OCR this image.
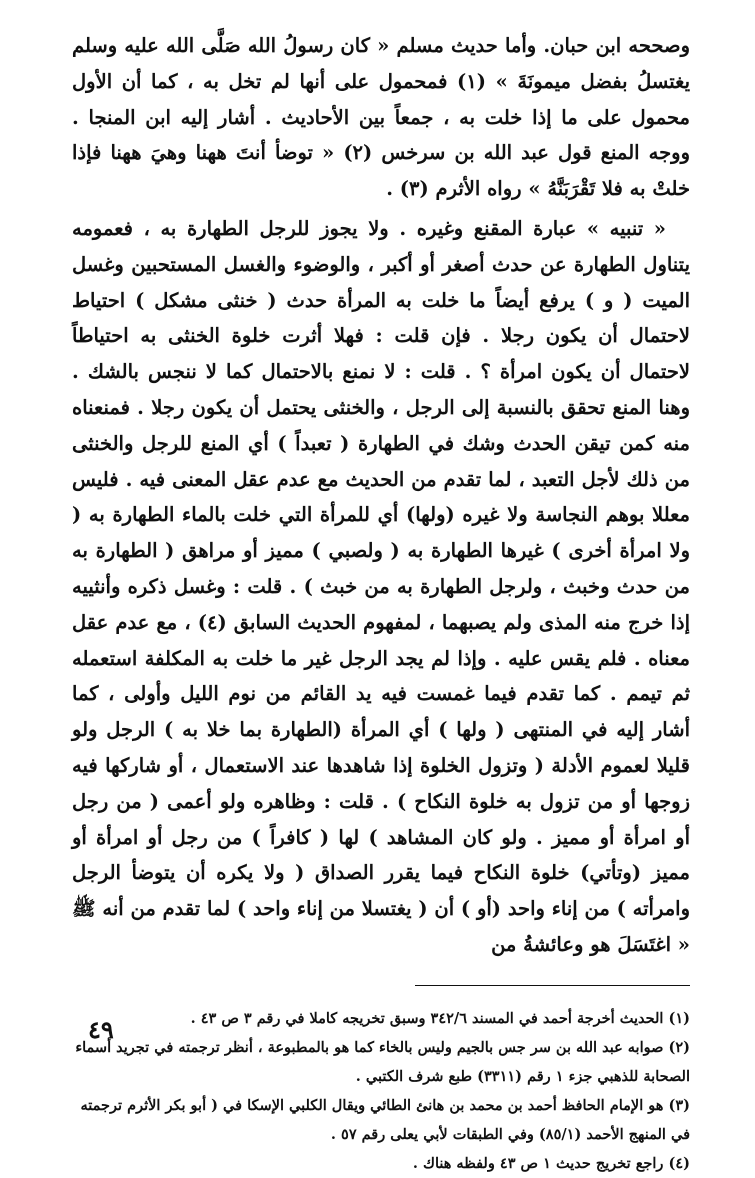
وصححه ابن حبان. وأما حديث مسلم « كان رسولُ الله صَلَّى الله عليه وسلم يغتسلُ بفضل ميمونَةَ » (١) فمحمول على أنها لم تخل به ، كما أن الأول محمول على ما إذا خلت به ، جمعاً بين الأحاديث . أشار إليه ابن المنجا . ووجه المنع قول عبد الله بن سرخس (٢) « توضأ أنتَ ههنا وهيَ ههنا فإذا خلتْ به فلا تَقْرَبَنَّهُ » رواه الأثرم (٣) .

« تنبيه » عبارة المقنع وغيره . ولا يجوز للرجل الطهارة به ، فعمومه يتناول الطهارة عن حدث أصغر أو أكبر ، والوضوء والغسل المستحبين وغسل الميت ( و ) يرفع أيضاً ما خلت به المرأة حدث ( خنثى مشكل ) احتياط لاحتمال أن يكون رجلا . فإن قلت : فهلا أثرت خلوة الخنثى به احتياطاً لاحتمال أن يكون امرأة ؟ . قلت : لا نمنع بالاحتمال كما لا ننجس بالشك . وهنا المنع تحقق بالنسبة إلى الرجل ، والخنثى يحتمل أن يكون رجلا . فمنعناه منه كمن تيقن الحدث وشك في الطهارة ( تعبداً ) أي المنع للرجل والخنثى من ذلك لأجل التعبد ، لما تقدم من الحديث مع عدم عقل المعنى فيه . فليس معللا بوهم النجاسة ولا غيره (ولها) أي للمرأة التي خلت بالماء الطهارة به ( ولا امرأة أخرى ) غيرها الطهارة به ( ولصبي ) مميز أو مراهق ( الطهارة به من حدث وخبث ، ولرجل الطهارة به من خبث ) . قلت : وغسل ذكره وأنثييه إذا خرج منه المذى ولم يصبهما ، لمفهوم الحديث السابق (٤) ، مع عدم عقل معناه . فلم يقس عليه . وإذا لم يجد الرجل غير ما خلت به المكلفة استعمله ثم تيمم . كما تقدم فيما غمست فيه يد القائم من نوم الليل وأولى ، كما أشار إليه في المنتهى ( ولها ) أي المرأة (الطهارة بما خلا به ) الرجل ولو قليلا لعموم الأدلة ( وتزول الخلوة إذا شاهدها عند الاستعمال ، أو شاركها فيه زوجها أو من تزول به خلوة النكاح ) . قلت : وظاهره ولو أعمى ( من رجل أو امرأة أو مميز . ولو كان المشاهد ) لها ( كافراً ) من رجل أو امرأة أو مميز (وتأتي) خلوة النكاح فيما يقرر الصداق ( ولا يكره أن يتوضأ الرجل وامرأته ) من إناء واحد (أو ) أن ( يغتسلا من إناء واحد ) لما تقدم من أنه ﷺ « اغتَسَلَ هو وعائشةُ من

(١) الحديث أخرجة أحمد في المسند ٣٤٢/٦ وسبق تخريجه كاملا في رقم ٣ ص ٤٣ .

(٢) صوابه عبد الله بن سر جس بالجيم وليس بالخاء كما هو بالمطبوعة ، أنظر ترجمته في تجريد أسماء الصحابة للذهبي جزء ١ رقم (٣٣١١) طبع شرف الكتبي .

(٣) هو الإمام الحافظ أحمد بن محمد بن هانئ الطائي ويقال الكلبي الإسكا في ( أبو بكر الأثرم ترجمته في المنهج الأحمد (٨٥/١) وفي الطبقات لأبي يعلى رقم ٥٧ .

(٤) راجع تخريج حديث ١ ص ٤٣ ولفظه هناك .

٤٩
